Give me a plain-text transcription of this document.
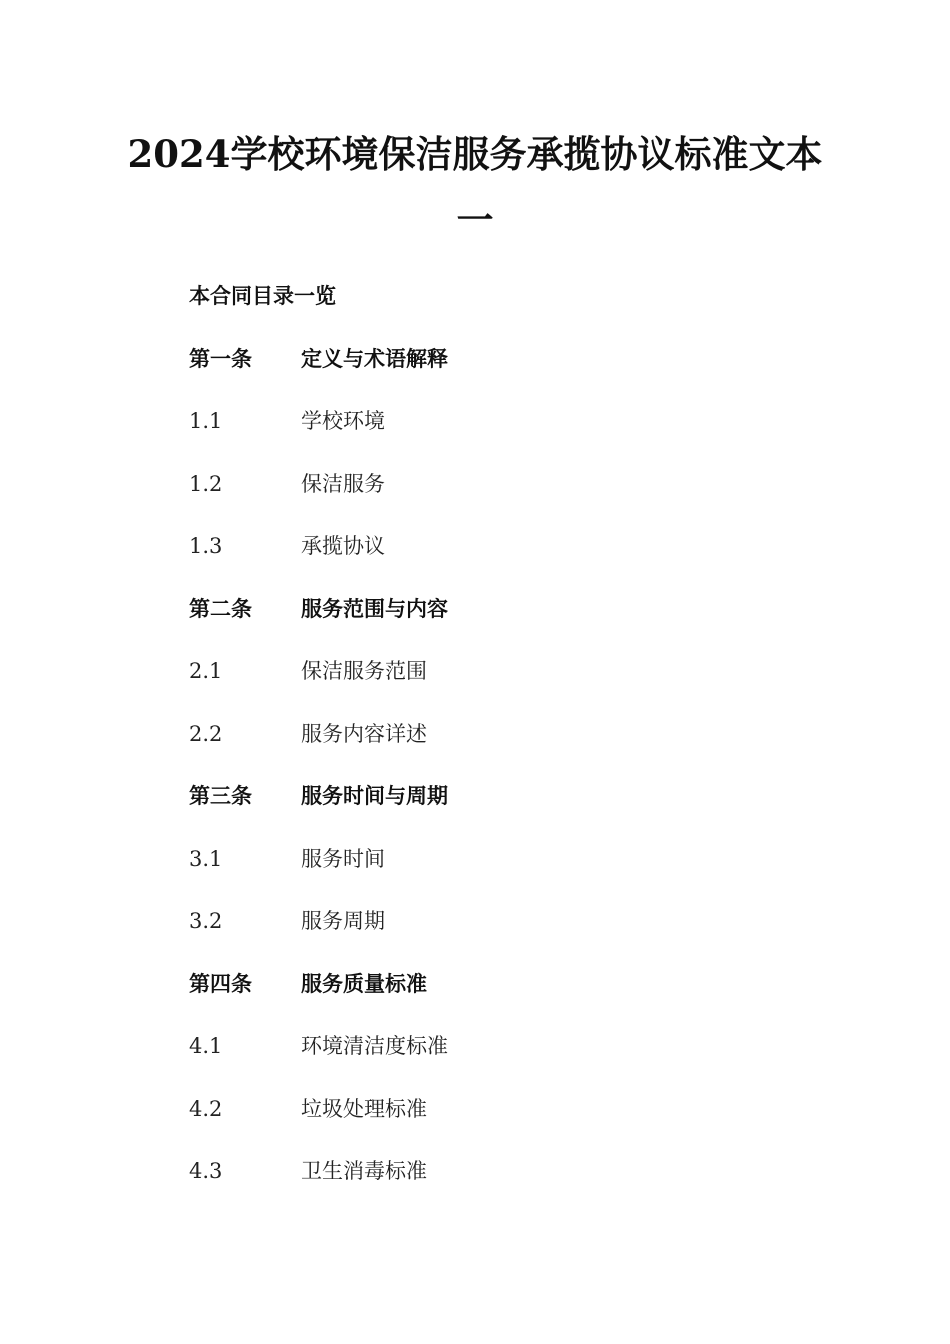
2024学校环境保洁服务承揽协议标准文本
一
本合同目录一览
第一条	定义与术语解释
1.1	学校环境
1.2	保洁服务
1.3	承揽协议
第二条	服务范围与内容
2.1	保洁服务范围
2.2	服务内容详述
第三条	服务时间与周期
3.1	服务时间
3.2	服务周期
第四条	服务质量标准
4.1	环境清洁度标准
4.2	垃圾处理标准
4.3	卫生消毒标准
